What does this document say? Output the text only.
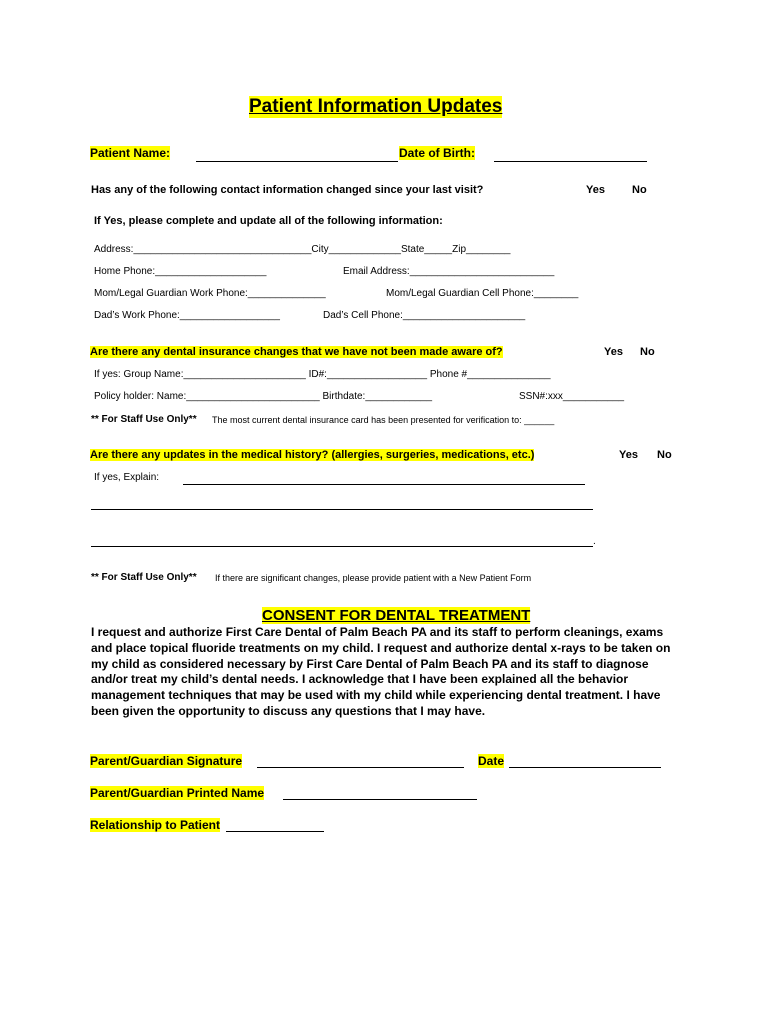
Patient Information Updates
Patient Name:	Date of Birth:
Has any of the following contact information changed since your last visit?	Yes No
If Yes, please complete and update all of the following information:
Address:________________________________City_____________State_____Zip________
Home Phone:____________________	Email Address:__________________________
Mom/Legal Guardian Work Phone:______________	Mom/Legal Guardian Cell Phone:________
Dad’s Work Phone:__________________	Dad’s Cell Phone:______________________
Are there any dental insurance changes that we have not been made aware of?	Yes No
If yes: Group Name:______________________ ID#:__________________ Phone #_______________
Policy holder: Name:________________________ Birthdate:____________	SSN#:xxx___________
** For Staff Use Only** The most current dental insurance card has been presented for verification to: ______
Are there any updates in the medical history? (allergies, surgeries, medications, etc.)	Yes No
If yes, Explain:
.
** For Staff Use Only** If there are significant changes, please provide patient with a New Patient Form
CONSENT FOR DENTAL TREATMENT
I request and authorize First Care Dental of Palm Beach PA and its staff to perform cleanings, exams and place topical fluoride treatments on my child. I request and authorize dental x-rays to be taken on my child as considered necessary by First Care Dental of Palm Beach PA and its staff to diagnose and/or treat my child’s dental needs. I acknowledge that I have been explained all the behavior management techniques that may be used with my child while experiencing dental treatment. I have been given the opportunity to discuss any questions that I may have.
Parent/Guardian Signature	Date
Parent/Guardian Printed Name
Relationship to Patient
